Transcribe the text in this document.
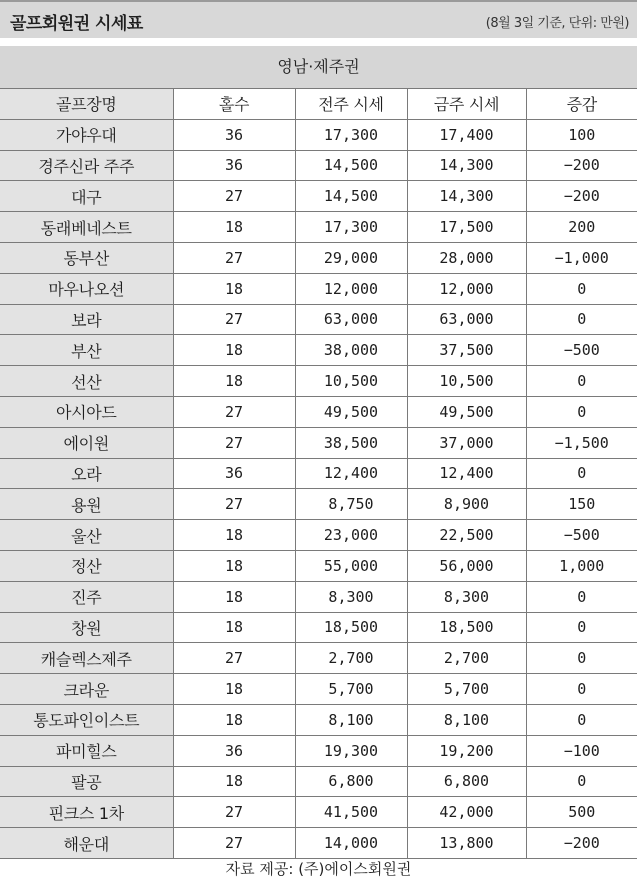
골프회원권 시세표	(8월 3일 기준, 단위: 만원)
영남·제주권
골프장명	홀수	전주 시세	금주 시세	증감
가야우대	36	17,300	17,400	100
경주신라 주주	36	14,500	14,300	−200
대구	27	14,500	14,300	−200
동래베네스트	18	17,300	17,500	200
동부산	27	29,000	28,000	−1,000
마우나오션	18	12,000	12,000	0
보라	27	63,000	63,000	0
부산	18	38,000	37,500	−500
선산	18	10,500	10,500	0
아시아드	27	49,500	49,500	0
에이원	27	38,500	37,000	−1,500
오라	36	12,400	12,400	0
용원	27	8,750	8,900	150
울산	18	23,000	22,500	−500
정산	18	55,000	56,000	1,000
진주	18	8,300	8,300	0
창원	18	18,500	18,500	0
캐슬렉스제주	27	2,700	2,700	0
크라운	18	5,700	5,700	0
통도파인이스트	18	8,100	8,100	0
파미힐스	36	19,300	19,200	−100
팔공	18	6,800	6,800	0
핀크스 1차	27	41,500	42,000	500
해운대	27	14,000	13,800	−200
자료 제공: (주)에이스회원권
